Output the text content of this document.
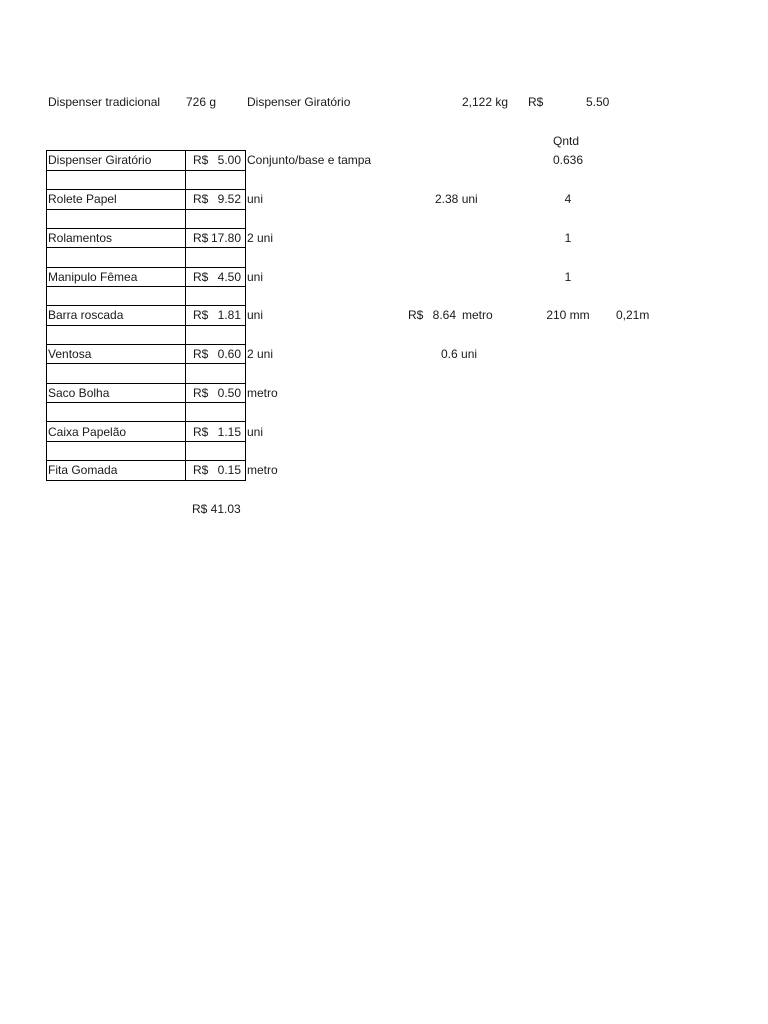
Dispenser tradicional 726 g	Dispenser Giratório	2,122 kg R$	5.50
Qntd
Dispenser Giratório	R$ 5.00 Conjunto/base e tampa	0.636
Rolete Papel	R$ 9.52 uni	2.38 uni	4
Rolamentos	R$ 17.80 2 uni	1
Manipulo Fêmea	R$ 4.50 uni	1
Barra roscada	R$ 1.81 uni	R$ 8.64 metro	210 mm	0,21m
Ventosa	R$ 0.60 2 uni	0.6 uni
Saco Bolha	R$ 0.50 metro
Caixa Papelão	R$ 1.15 uni
Fita Gomada	R$ 0.15 metro
R$ 41.03
